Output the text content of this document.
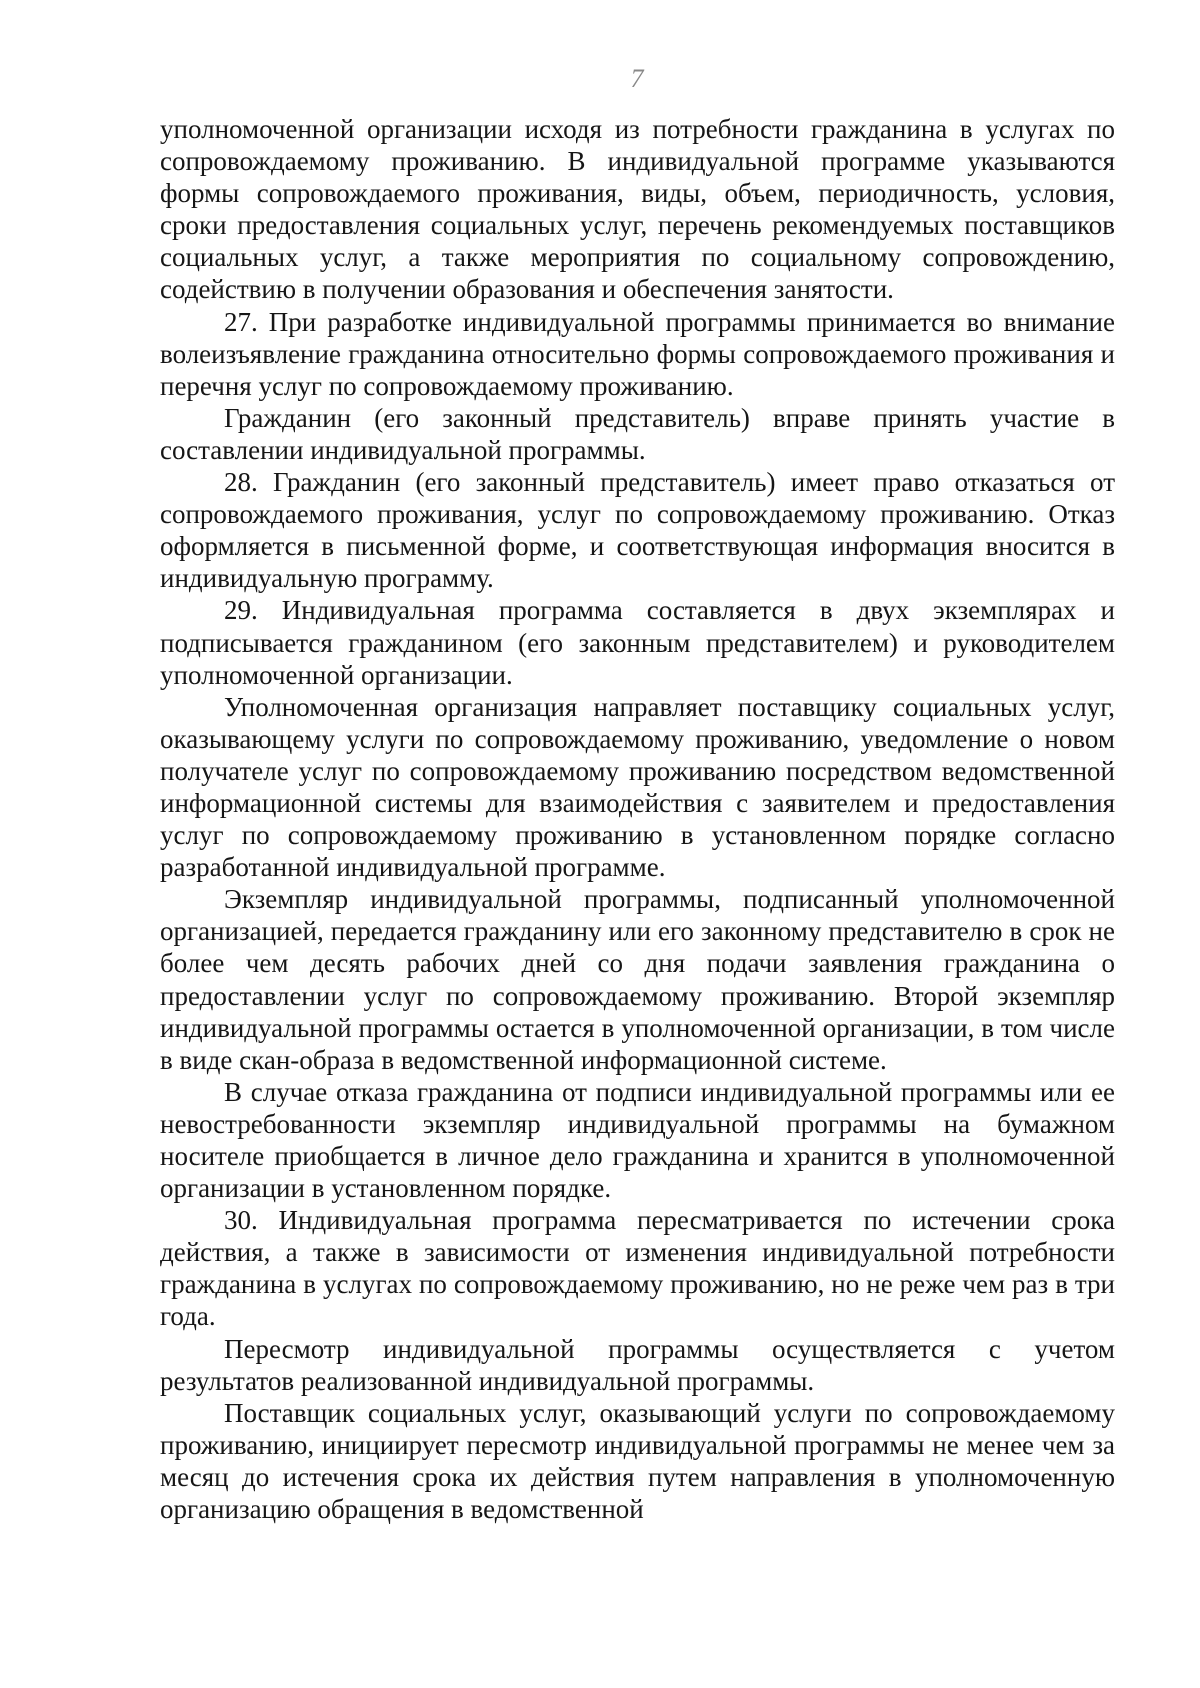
7

уполномоченной организации исходя из потребности гражданина в услугах по сопровождаемому проживанию. В индивидуальной программе указываются формы сопровождаемого проживания, виды, объем, периодичность, условия, сроки предоставления социальных услуг, перечень рекомендуемых поставщиков социальных услуг, а также мероприятия по социальному сопровождению, содействию в получении образования и обеспечения занятости.

27. При разработке индивидуальной программы принимается во внимание волеизъявление гражданина относительно формы сопровождаемого проживания и перечня услуг по сопровождаемому проживанию.

Гражданин (его законный представитель) вправе принять участие в составлении индивидуальной программы.

28. Гражданин (его законный представитель) имеет право отказаться от сопровождаемого проживания, услуг по сопровождаемому проживанию. Отказ оформляется в письменной форме, и соответствующая информация вносится в индивидуальную программу.

29. Индивидуальная программа составляется в двух экземплярах и подписывается гражданином (его законным представителем) и руководителем уполномоченной организации.

Уполномоченная организация направляет поставщику социальных услуг, оказывающему услуги по сопровождаемому проживанию, уведомление о новом получателе услуг по сопровождаемому проживанию посредством ведомственной информационной системы для взаимодействия с заявителем и предоставления услуг по сопровождаемому проживанию в установленном порядке согласно разработанной индивидуальной программе.

Экземпляр индивидуальной программы, подписанный уполномоченной организацией, передается гражданину или его законному представителю в срок не более чем десять рабочих дней со дня подачи заявления гражданина о предоставлении услуг по сопровождаемому проживанию. Второй экземпляр индивидуальной программы остается в уполномоченной организации, в том числе в виде скан-образа в ведомственной информационной системе.

В случае отказа гражданина от подписи индивидуальной программы или ее невостребованности экземпляр индивидуальной программы на бумажном носителе приобщается в личное дело гражданина и хранится в уполномоченной организации в установленном порядке.

30. Индивидуальная программа пересматривается по истечении срока действия, а также в зависимости от изменения индивидуальной потребности гражданина в услугах по сопровождаемому проживанию, но не реже чем раз в три года.

Пересмотр индивидуальной программы осуществляется с учетом результатов реализованной индивидуальной программы.

Поставщик социальных услуг, оказывающий услуги по сопровождаемому проживанию, инициирует пересмотр индивидуальной программы не менее чем за месяц до истечения срока их действия путем направления в уполномоченную организацию обращения в ведомственной
